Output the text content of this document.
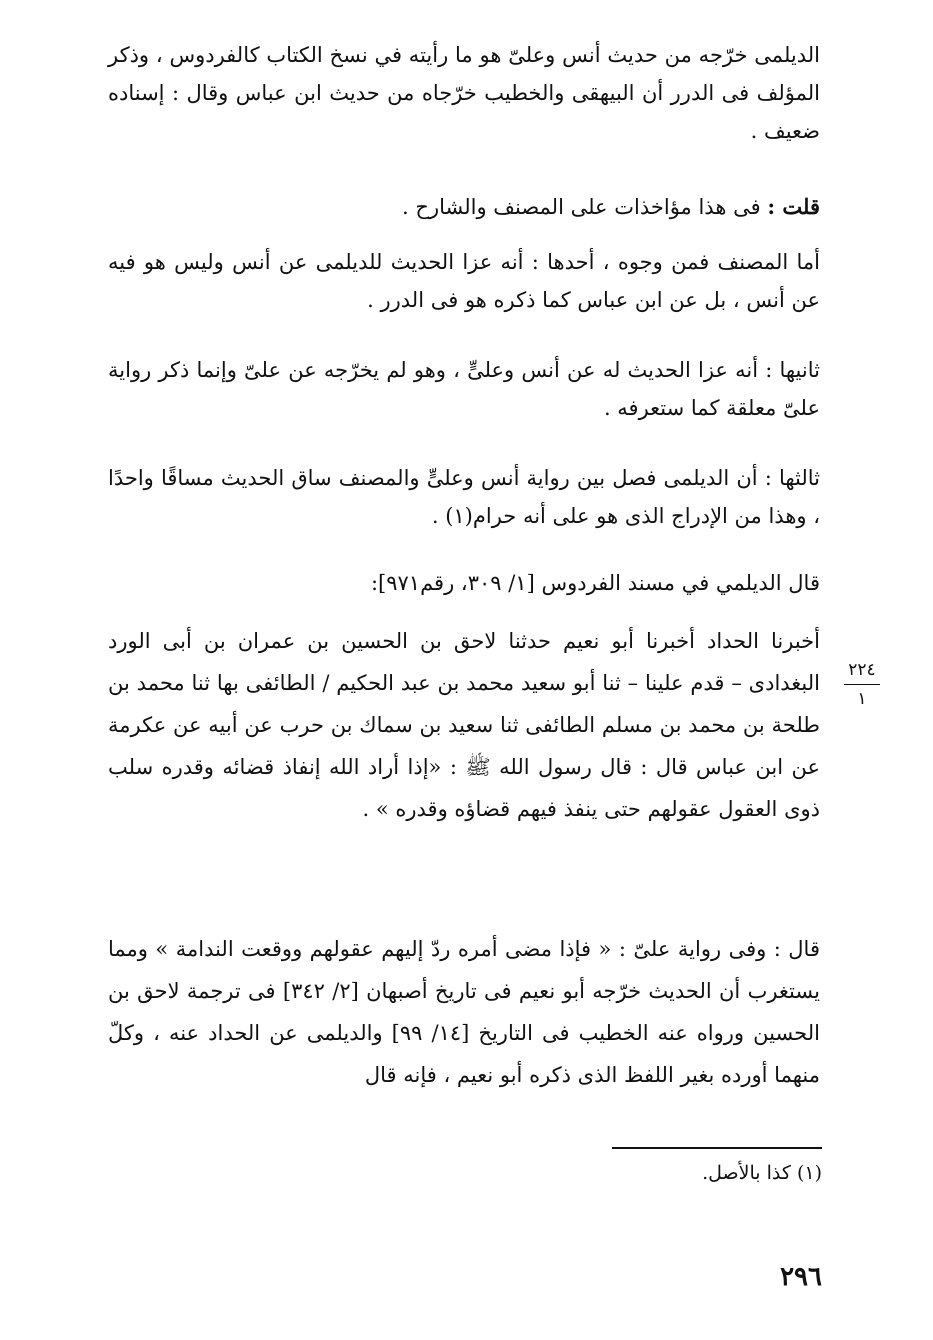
الديلمى خرّجه من حديث أنس وعلىّ هو ما رأيته في نسخ الكتاب كالفردوس ، وذكر المؤلف فى الدرر أن البيهقى والخطيب خرّجاه من حديث ابن عباس وقال : إسناده ضعيف .

قلت : فى هذا مؤاخذات على المصنف والشارح .

أما المصنف فمن وجوه ، أحدها : أنه عزا الحديث للديلمى عن أنس وليس هو فيه عن أنس ، بل عن ابن عباس كما ذكره هو فى الدرر .

ثانيها : أنه عزا الحديث له عن أنس وعلىٍّ ، وهو لم يخرّجه عن علىّ وإنما ذكر رواية علىّ معلقة كما ستعرفه .

ثالثها : أن الديلمى فصل بين رواية أنس وعلىٍّ والمصنف ساق الحديث مساقًا واحدًا ، وهذا من الإدراج الذى هو على أنه حرام(١) .

قال الديلمي في مسند الفردوس [١/ ٣٠٩، رقم٩٧١]:

أخبرنا الحداد أخبرنا أبو نعيم حدثنا لاحق بن الحسين بن عمران بن أبى الورد البغدادى – قدم علينا – ثنا أبو سعيد محمد بن عبد الحكيم / الطائفى بها ثنا محمد بن طلحة بن محمد بن مسلم الطائفى ثنا سعيد بن سماك بن حرب عن أبيه عن عكرمة عن ابن عباس قال : قال رسول الله ﷺ : «إذا أراد الله إنفاذ قضائه وقدره سلب ذوى العقول عقولهم حتى ينفذ فيهم قضاؤه وقدره » .

قال : وفى رواية علىّ : « فإذا مضى أمره ردّ إليهم عقولهم ووقعت الندامة » ومما يستغرب أن الحديث خرّجه أبو نعيم فى تاريخ أصبهان [٢/ ٣٤٢] فى ترجمة لاحق بن الحسين ورواه عنه الخطيب فى التاريخ [١٤/ ٩٩] والديلمى عن الحداد عنه ، وكلّ منهما أورده بغير اللفظ الذى ذكره أبو نعيم ، فإنه قال

٢٢٤
١
(١) كذا بالأصل.
٢٩٦
